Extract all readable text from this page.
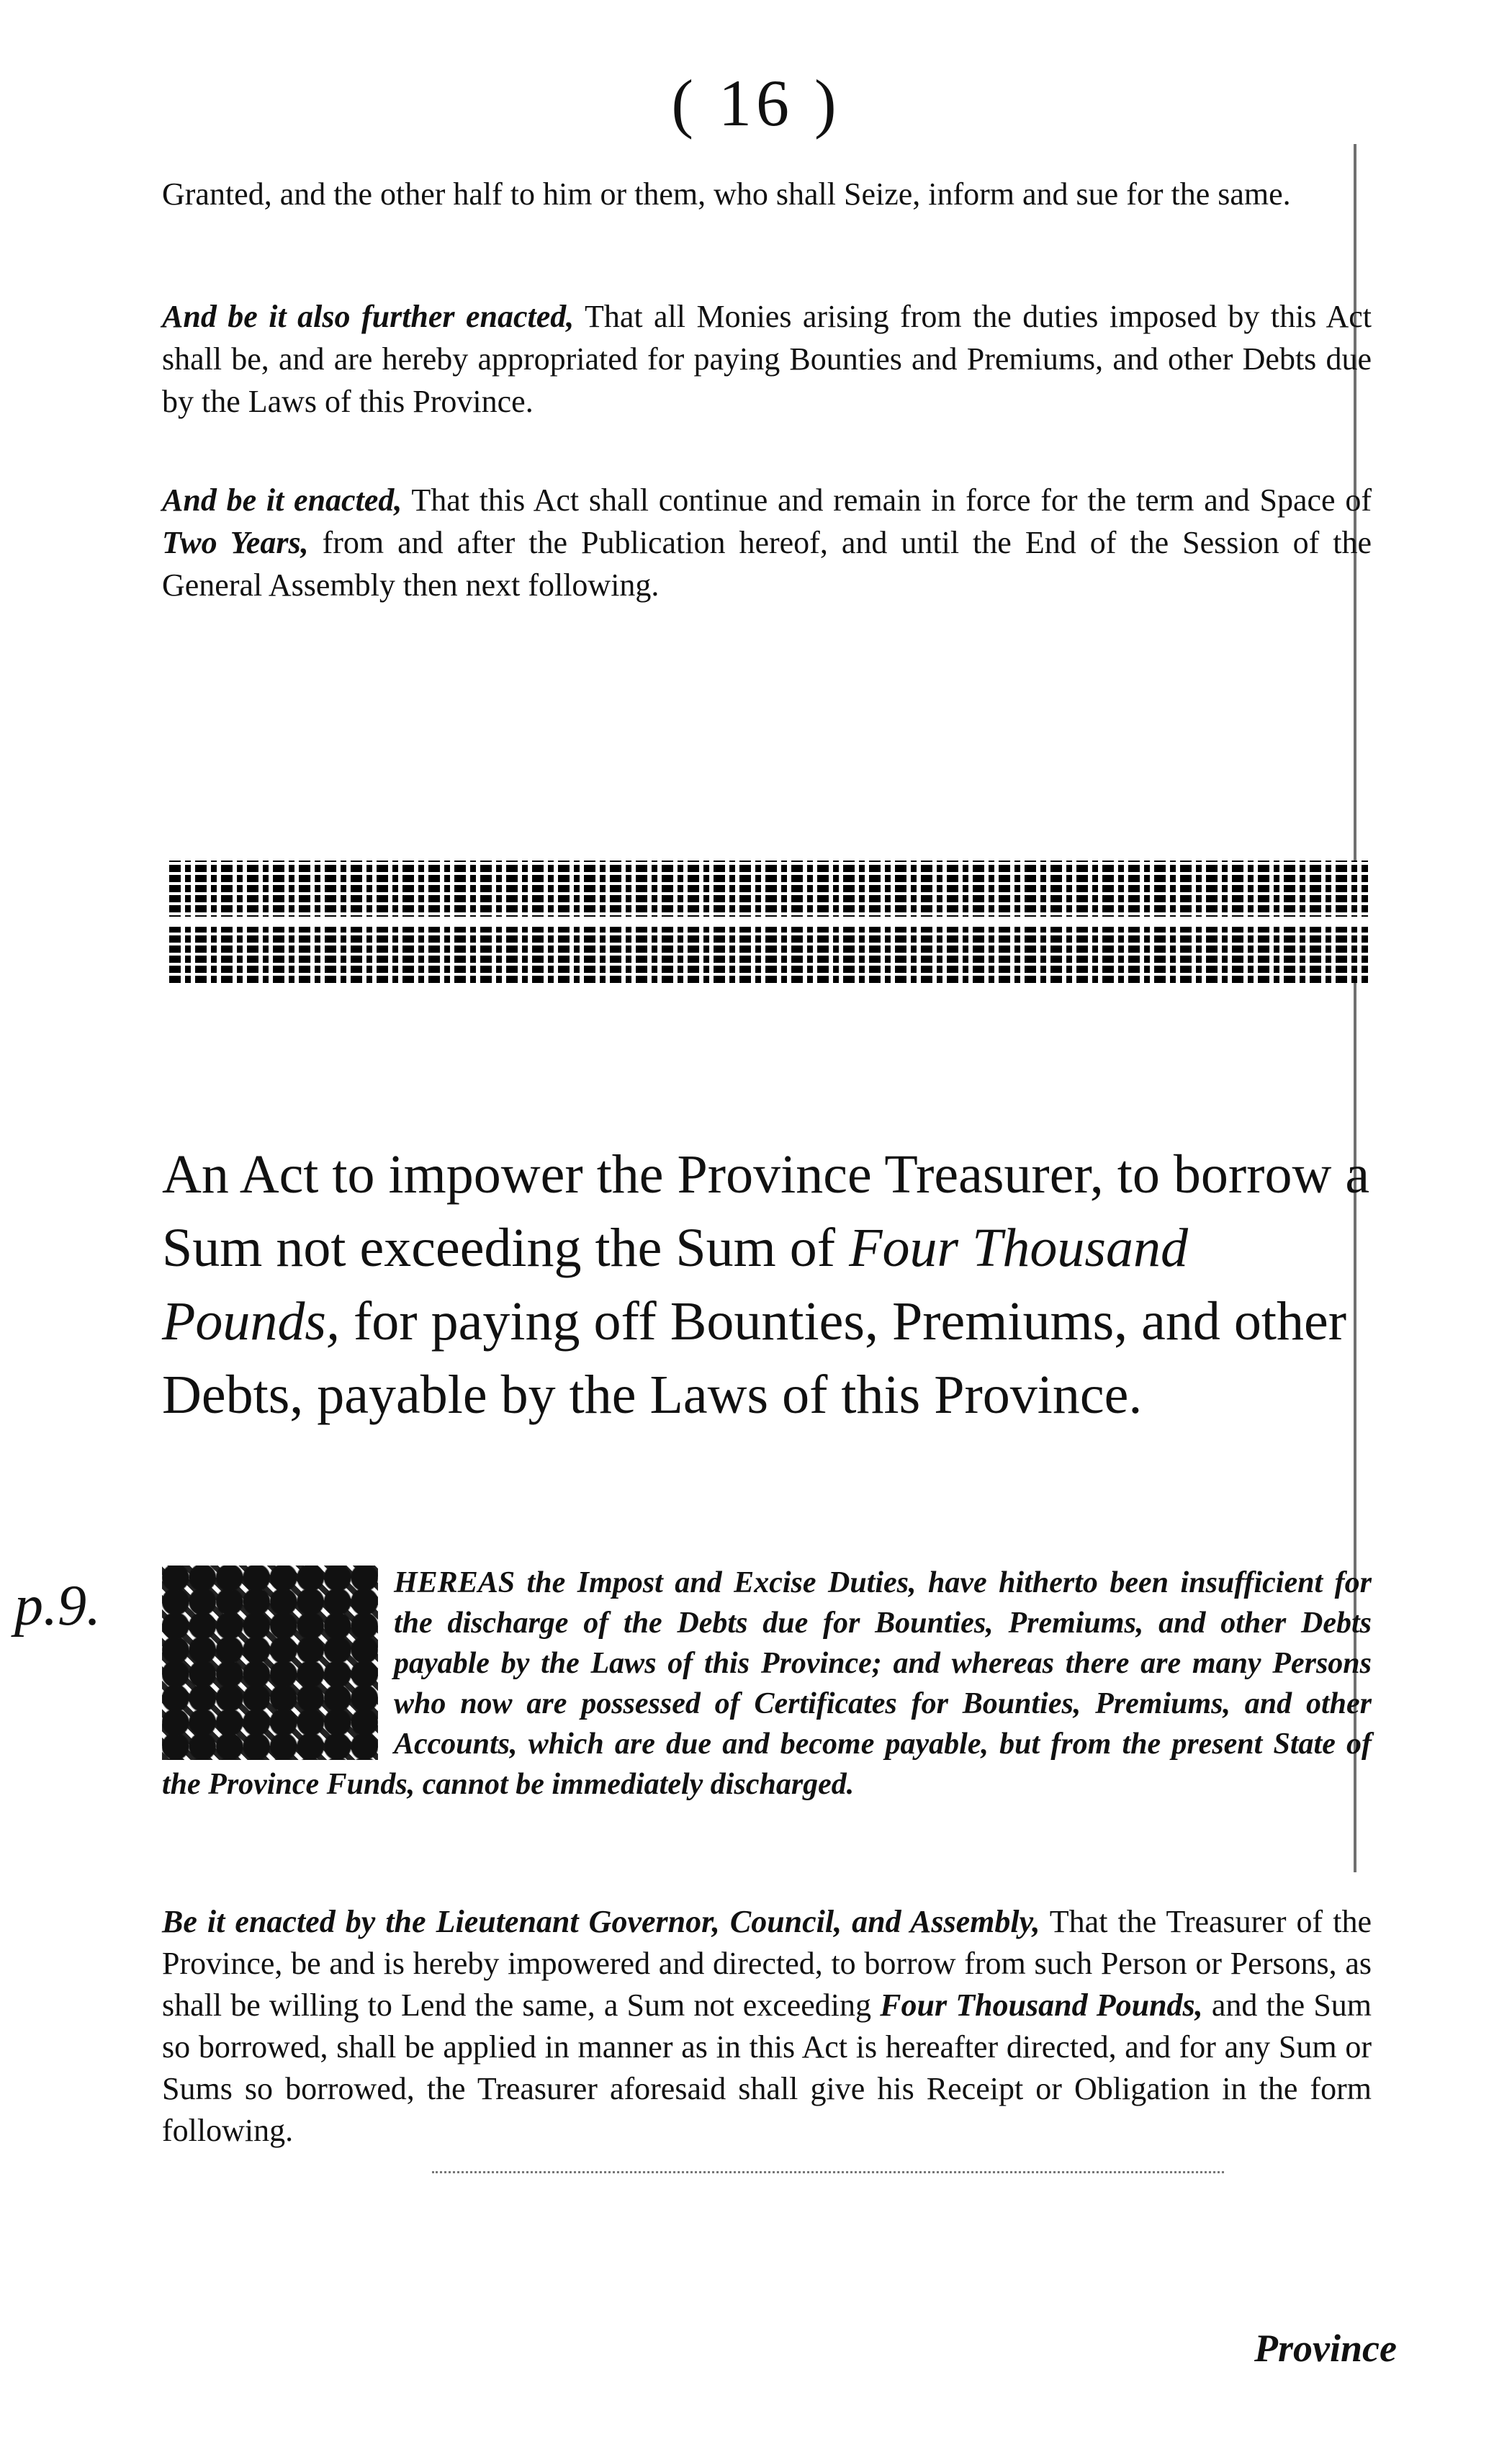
( 16 )

Granted, and the other half to him or them, who shall Seize, inform and sue for the same.

And be it also further enacted, That all Monies arising from the duties imposed by this Act shall be, and are hereby appropriated for paying Bounties and Premiums, and other Debts due by the Laws of this Province.

And be it enacted, That this Act shall continue and remain in force for the term and Space of Two Years, from and after the Publication hereof, and until the End of the Session of the General Assembly then next following.

An Act to impower the Province Treasurer, to borrow a Sum not exceeding the Sum of Four Thousand Pounds, for paying off Bounties, Premiums, and other Debts, payable by the Laws of this Province.
p.9.	HEREAS the Impost and Excise Duties, have hitherto been insufficient for the discharge of the Debts due for Bounties, Premiums, and other Debts payable by the Laws of this Province; and whereas there are many Persons who now are possessed of Certificates for Bounties, Premiums, and other Accounts, which are due and become payable, but from the present State of the Province Funds, cannot be immediately discharged.

Be it enacted by the Lieutenant Governor, Council, and Assembly, That the Treasurer of the Province, be and is hereby impowered and directed, to borrow from such Person or Persons, as shall be willing to Lend the same, a Sum not exceeding Four Thousand Pounds, and the Sum so borrowed, shall be applied in manner as in this Act is hereafter directed, and for any Sum or Sums so borrowed, the Treasurer aforesaid shall give his Receipt or Obligation in the form following.

Province
